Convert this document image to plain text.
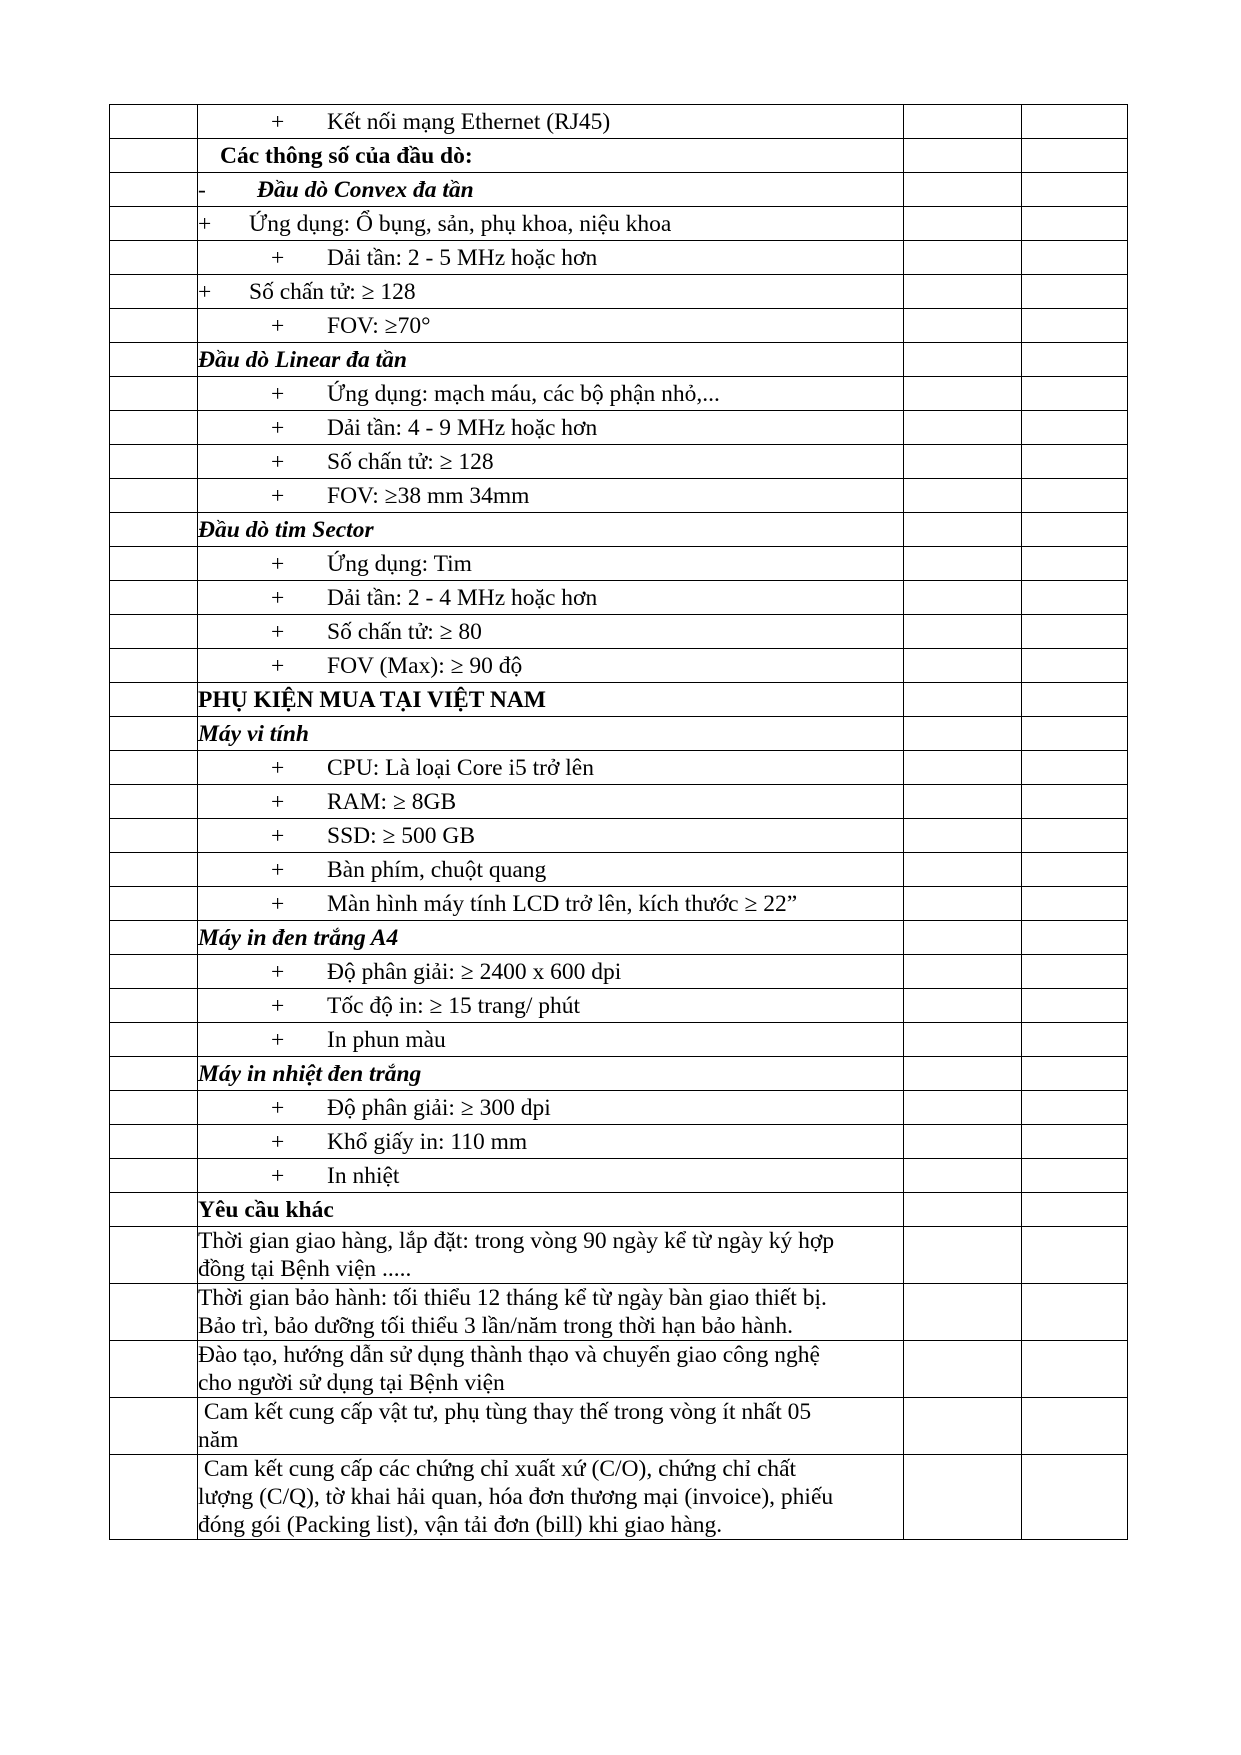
	+ Kết nối mạng Ethernet (RJ45)		
	Các thông số của đầu dò:		
	- Đầu dò Convex đa tần		
	+ Ứng dụng: Ổ bụng, sản, phụ khoa, niệu khoa		
	+ Dải tần: 2 - 5 MHz hoặc hơn		
	+ Số chấn tử: ≥ 128		
	+ FOV: ≥70°		
	Đầu dò Linear đa tần		
	+ Ứng dụng: mạch máu, các bộ phận nhỏ,...		
	+ Dải tần: 4 - 9 MHz hoặc hơn		
	+ Số chấn tử: ≥ 128		
	+ FOV: ≥38 mm 34mm		
	Đầu dò tim Sector		
	+ Ứng dụng: Tim		
	+ Dải tần: 2 - 4 MHz hoặc hơn		
	+ Số chấn tử: ≥ 80		
	+ FOV (Max): ≥ 90 độ		
	PHỤ KIỆN MUA TẠI VIỆT NAM		
	Máy vi tính		
	+ CPU: Là loại Core i5 trở lên		
	+ RAM: ≥ 8GB		
	+ SSD: ≥ 500 GB		
	+ Bàn phím, chuột quang		
	+ Màn hình máy tính LCD trở lên, kích thước ≥ 22”		
	Máy in đen trắng A4		
	+ Độ phân giải: ≥ 2400 x 600 dpi		
	+ Tốc độ in: ≥ 15 trang/ phút		
	+ In phun màu		
	Máy in nhiệt đen trắng		
	+ Độ phân giải: ≥ 300 dpi		
	+ Khổ giấy in: 110 mm		
	+ In nhiệt		
	Yêu cầu khác		

	Thời gian giao hàng, lắp đặt: trong vòng 90 ngày kể từ ngày ký hợp
đồng tại Bệnh viện .....		

	Thời gian bảo hành: tối thiểu 12 tháng kể từ ngày bàn giao thiết bị.
Bảo trì, bảo dưỡng tối thiểu 3 lần/năm trong thời hạn bảo hành.		

	Đào tạo, hướng dẫn sử dụng thành thạo và chuyển giao công nghệ
cho người sử dụng tại Bệnh viện		

	Cam kết cung cấp vật tư, phụ tùng thay thế trong vòng ít nhất 05
năm		

	Cam kết cung cấp các chứng chỉ xuất xứ (C/O), chứng chỉ chất
lượng (C/Q), tờ khai hải quan, hóa đơn thương mại (invoice), phiếu
đóng gói (Packing list), vận tải đơn (bill) khi giao hàng.		
